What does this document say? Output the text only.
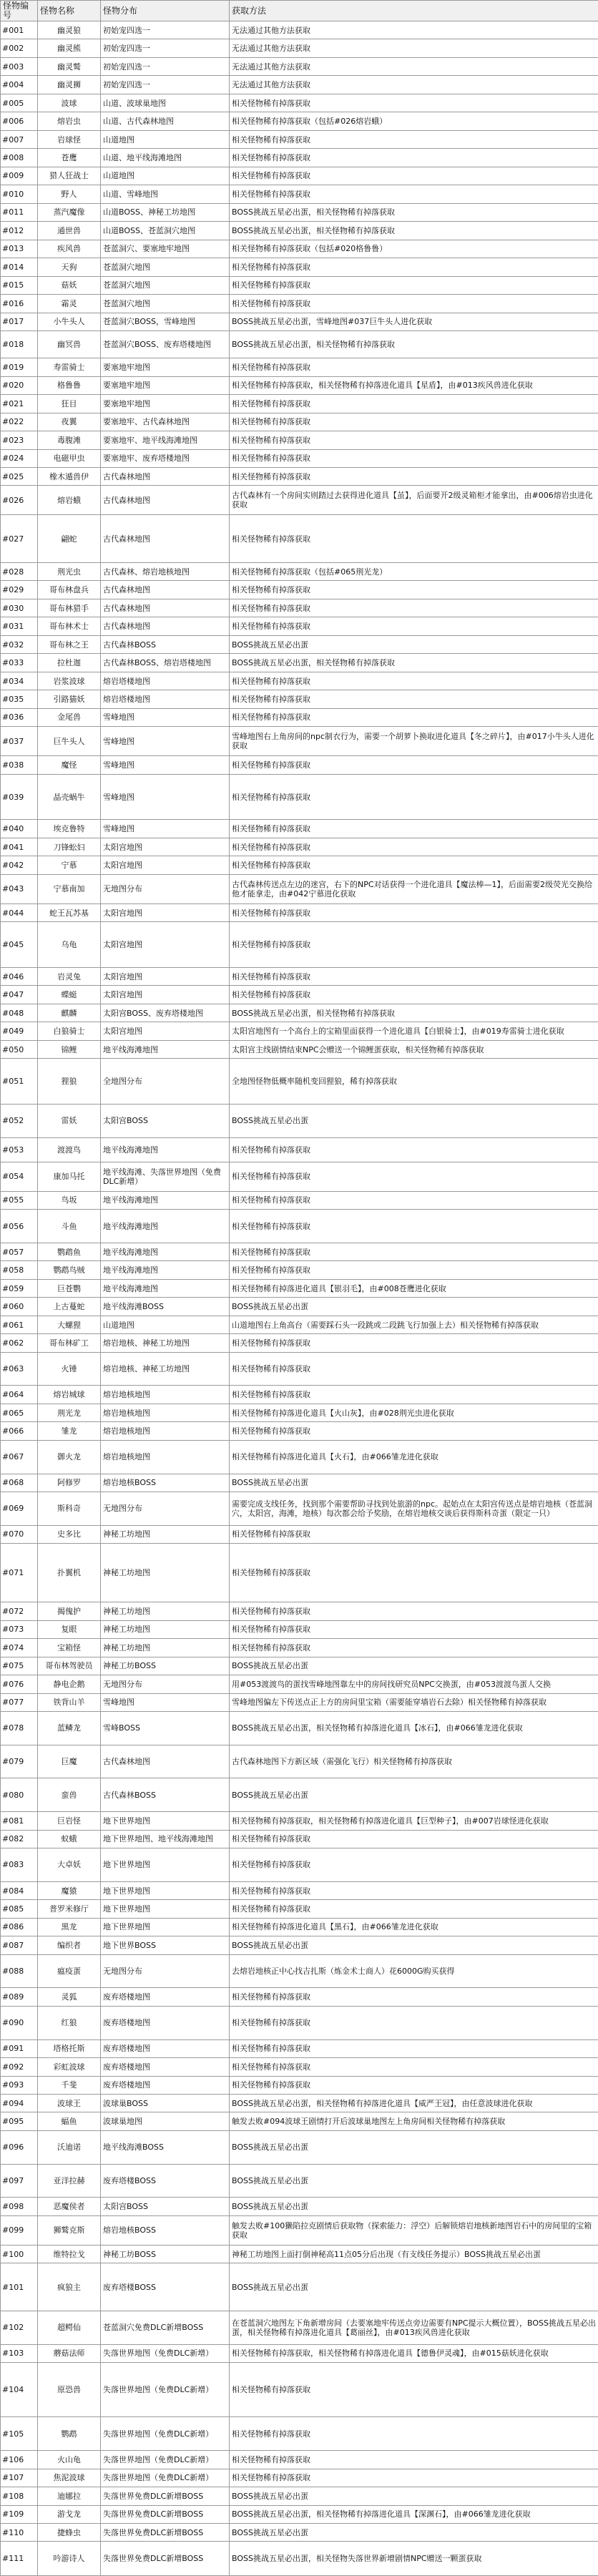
怪物编号	怪物名称	怪物分布	获取方法
#001	幽灵狼	初始宠四选一	无法通过其他方法获取
#002	幽灵熊	初始宠四选一	无法通过其他方法获取
#003	幽灵鹫	初始宠四选一	无法通过其他方法获取
#004	幽灵狮	初始宠四选一	无法通过其他方法获取
#005	波球	山道、波球巢地图	相关怪物稀有掉落获取
#006	熔岩虫	山道、古代森林地图	相关怪物稀有掉落获取（包括#026熔岩蛾）
#007	岩球怪	山道地图	相关怪物稀有掉落获取
#008	苍鹰	山道、地平线海滩地图	相关怪物稀有掉落获取
#009	猎人狂战士	山道地图	相关怪物稀有掉落获取
#010	野人	山道、雪峰地图	相关怪物稀有掉落获取
#011	蒸汽魔像	山道BOSS、神秘工坊地图	BOSS挑战五星必出蛋，相关怪物稀有掉落获取
#012	通世兽	山道BOSS、苍蓝洞穴地图	BOSS挑战五星必出蛋，相关怪物稀有掉落获取
#013	疾风兽	苍蓝洞穴、要塞地牢地图	相关怪物稀有掉落获取（包括#020格鲁鲁）
#014	天狗	苍蓝洞穴地图	相关怪物稀有掉落获取
#015	菇妖	苍蓝洞穴地图	相关怪物稀有掉落获取
#016	霜灵	苍蓝洞穴地图	相关怪物稀有掉落获取
#017	小牛头人	苍蓝洞穴BOSS，雪峰地图	BOSS挑战五星必出蛋，雪峰地图#037巨牛头人进化获取
#018	幽冥兽	苍蓝洞穴BOSS、废弃塔楼地图	BOSS挑战五星必出蛋，相关怪物稀有掉落获取
#019	寿雷骑士	要塞地牢地图	相关怪物稀有掉落获取
#020	格鲁鲁	要塞地牢地图	相关怪物稀有掉落获取，相关怪物稀有掉落进化道具【星盾】，由#013疾风兽进化获取
#021	狂目	要塞地牢地图	相关怪物稀有掉落获取
#022	夜翼	要塞地牢、古代森林地图	相关怪物稀有掉落获取
#023	毒腹滩	要塞地牢、地平线海滩地图	相关怪物稀有掉落获取
#024	电磁甲虫	要塞地牢、废弃塔楼地图	相关怪物稀有掉落获取
#025	橡木遁兽伊	古代森林地图	相关怪物稀有掉落获取
#026	熔岩蛾	古代森林地图	古代森林有一个房间实则踏过去获得进化道具【茧】，后面要开2级灵箱柜才能拿出，由#006熔岩虫进化获取
#027	翩蛇	古代森林地图	相关怪物稀有掉落获取
#028	荆光虫	古代森林、熔岩地核地图	相关怪物稀有掉落获取（包括#065荆光龙）
#029	哥布林盘兵	古代森林地图	相关怪物稀有掉落获取
#030	哥布林猎手	古代森林地图	相关怪物稀有掉落获取
#031	哥布林术士	古代森林地图	相关怪物稀有掉落获取
#032	哥布林之王	古代森林BOSS	BOSS挑战五星必出蛋
#033	拉杜迦	古代森林BOSS、熔岩塔楼地图	BOSS挑战五星必出蛋，相关怪物稀有掉落获取
#034	岩浆波球	熔岩塔楼地图	相关怪物稀有掉落获取
#035	引路猫妖	熔岩塔楼地图	相关怪物稀有掉落获取
#036	金尾兽	雪峰地图	相关怪物稀有掉落获取
#037	巨牛头人	雪峰地图	雪峰地图右上角房间的npc制衣行为，需要一个胡萝卜换取进化道具【冬之碎片】，由#017小牛头人进化获取
#038	魔怪	雪峰地图	相关怪物稀有掉落获取
#039	晶壳蜗牛	雪峰地图	相关怪物稀有掉落获取
#040	埃克鲁特	雪峰地图	相关怪物稀有掉落获取
#041	刀锋蚣妇	太阳宫地图	相关怪物稀有掉落获取
#042	宁慕	太阳宫地图	相关怪物稀有掉落获取
#043	宁慕南加	无地图分布	古代森林传送点左边的迷宫，右下的NPC对话获得一个进化道具【魔法棒—1】，后面需要2级荧光交换给他才能拿走，由#042宁慕进化获取
#044	蛇王瓦苏基	太阳宫地图	相关怪物稀有掉落获取
#045	乌龟	太阳宫地图	相关怪物稀有掉落获取
#046	岩灵兔	太阳宫地图	相关怪物稀有掉落获取
#047	蝶蜓	太阳宫地图	相关怪物稀有掉落获取
#048	麒麟	太阳宫BOSS、废弃塔楼地图	BOSS挑战五星必出蛋，相关怪物稀有掉落获取
#049	白狼骑士	太阳宫地图	太阳宫地图有一个高台上的宝箱里面获得一个进化道具【白银骑士】，由#019寿雷骑士进化获取
#050	锦鲤	地平线海滩地图	太阳宫主线剧情结束NPC会赠送一个锦鲤蛋获取，相关怪物稀有掉落获取
#051	狸狼	全地图分布	全地图怪物低概率随机变回狸狼，稀有掉落获取
#052	雷妖	太阳宫BOSS	BOSS挑战五星必出蛋
#053	渡渡鸟	地平线海滩地图	相关怪物稀有掉落获取
#054	康加马托	地平线海滩、失落世界地图（免费DLC新增）	相关怪物稀有掉落获取
#055	鸟坂	地平线海滩地图	相关怪物稀有掉落获取
#056	斗鱼	地平线海滩地图	相关怪物稀有掉落获取
#057	鹦鹉鱼	地平线海滩地图	相关怪物稀有掉落获取
#058	鹦鹉鸟贼	地平线海滩地图	相关怪物稀有掉落获取
#059	巨苍鹦	地平线海滩地图	相关怪物稀有掉落进化道具【银羽毛】，由#008苍鹰进化获取
#060	上古蔓蛇	地平线海滩BOSS	BOSS挑战五星必出蛋
#061	大螺狸	山道地图	山道地图右上角高台（需要踩石头一段跳或二段跳飞行加强上去）相关怪物稀有掉落获取
#062	哥布林矿工	熔岩地核、神秘工坊地图	相关怪物稀有掉落获取
#063	火锤	熔岩地核、神秘工坊地图	相关怪物稀有掉落获取
#064	熔岩城球	熔岩地核地图	相关怪物稀有掉落获取
#065	荆光龙	熔岩地核地图	相关怪物稀有掉落进化道具【火山灰】，由#028荆光虫进化获取
#066	雏龙	熔岩地核地图	相关怪物稀有掉落获取
#067	御火龙	熔岩地核地图	相关怪物稀有掉落进化道具【火石】，由#066雏龙进化获取
#068	阿修罗	熔岩地核BOSS	BOSS挑战五星必出蛋
#069	斯科奇	无地图分布	需要完成支线任务，找到那个需要帮助寻找到处旅游的npc。起始点在太阳宫传送点是熔岩地核（苍蓝洞穴，太阳宫，海滩，地核）每次都会给予奖励，在熔岩地核交谈后获得斯科奇蛋（限定一只）
#070	史多比	神秘工坊地图	相关怪物稀有掉落获取
#071	扑翼机	神秘工坊地图	相关怪物稀有掉落获取
#072	揭傀护	神秘工坊地图	相关怪物稀有掉落获取
#073	复眼	神秘工坊地图	相关怪物稀有掉落获取
#074	宝箱怪	神秘工坊地图	相关怪物稀有掉落获取
#075	哥布林驾驶员	神秘工坊BOSS	BOSS挑战五星必出蛋
#076	静电企鹅	无地图分布	用#053渡渡鸟的蛋找雪峰地图靠左中的房间找研究员NPC交换蛋，由#053渡渡鸟蛋人交换
#077	铁背山羊	雪峰地图	雪峰地图偏左下传送点正上方的房间里宝箱（需要能穿墙岩石去除）相关怪物稀有掉落获取
#078	蓝鳞龙	雪峰BOSS	BOSS挑战五星必出蛋，相关怪物稀有掉落进化道具【冰石】，由#066雏龙进化获取
#079	巨魔	古代森林地图	古代森林地图下方新区域（需强化飞行）相关怪物稀有掉落获取
#080	蛮兽	古代森林BOSS	BOSS挑战五星必出蛋
#081	巨岩怪	地下世界地图	相关怪物稀有掉落获取，相关怪物稀有掉落进化道具【巨型种子】，由#007岩球怪进化获取
#082	蚁蛾	地下世界地图、地平线海滩地图	相关怪物稀有掉落获取
#083	大卓妖	地下世界地图	相关怪物稀有掉落获取
#084	魔猿	地下世界地图	相关怪物稀有掉落获取
#085	普罗米修厅	地下世界地图	相关怪物稀有掉落获取
#086	黑龙	地下世界地图	相关怪物稀有掉落进化道具【黑石】，由#066雏龙进化获取
#087	编织者	地下世界BOSS	BOSS挑战五星必出蛋
#088	瘟疫蛋	无地图分布	去熔岩地核正中心找吉扎斯（炼金术士商人）花6000G购买获得
#089	灵狐	废弃塔楼地图	相关怪物稀有掉落获取
#090	红狼	废弃塔楼地图	相关怪物稀有掉落获取
#091	塔格托斯	废弃塔楼地图	相关怪物稀有掉落获取
#092	彩虹波球	废弃塔楼地图	相关怪物稀有掉落获取
#093	千斐	废弃塔楼地图	相关怪物稀有掉落获取
#094	波球王	波球巢BOSS	BOSS挑战五星必出蛋，相关怪物稀有掉落进化道具【威严王冠】，由任意波球进化获取
#095	蝠鱼	波球巢地图	触发去败#094波球王剧情打开后波球巢地图左上角房间相关怪物稀有掉落获取
#096	沃迪诺	地平线海滩BOSS	BOSS挑战五星必出蛋
#097	亚洋拉赫	废弃塔楼BOSS	BOSS挑战五星必出蛋
#098	恶魔侯者	太阳宫BOSS	BOSS挑战五星必出蛋
#099	狮鹫克斯	熔岩地核BOSS	触发去败#100獭陷拉克剧情后获取物（探索能力：浮空）后解锁熔岩地核新地图岩石中的房间里的宝箱获取
#100	维特拉戈	神秘工坊BOSS	神秘工坊地图上面打倒神秘高11点05分后出现（有支线任务提示）BOSS挑战五星必出蛋
#101	疯狼主	废弃塔楼BOSS	BOSS挑战五星必出蛋
#102	超鳄仙	苍蓝洞穴免费DLC新增BOSS	在苍蓝洞穴地图左下角新增房间（去要塞地牢传送点旁边需要有NPC提示大概位置），BOSS挑战五星必出蛋，相关怪物稀有掉落进化道具【葛丽丝】，由#013疾风兽进化获取
#103	蘑菇法师	失落世界地图（免费DLC新增）	相关怪物稀有掉落获取，相关怪物稀有掉落进化道具【德鲁伊灵魂】，由#015菇妖进化获取
#104	原恐兽	失落世界地图（免费DLC新增）	相关怪物稀有掉落获取
#105	鹦鹉	失落世界地图（免费DLC新增）	相关怪物稀有掉落获取
#106	火山龟	失落世界地图（免费DLC新增）	相关怪物稀有掉落获取
#107	焦泥波球	失落世界地图（免费DLC新增）	相关怪物稀有掉落获取
#108	迪娜拉	失落世界免费DLC新增BOSS	BOSS挑战五星必出蛋
#109	游戈龙	失落世界免费DLC新增BOSS	BOSS挑战五星必出蛋，相关怪物稀有掉落进化道具【深渊石】，由#066雏龙进化获取
#110	捷蜂虫	失落世界免费DLC新增BOSS	BOSS挑战五星必出蛋
#111	吟游诗人	失落世界免费DLC新增BOSS	BOSS挑战五星必出蛋，相关怪物失落世界新增剧情NPC赠送一颗蛋获取
